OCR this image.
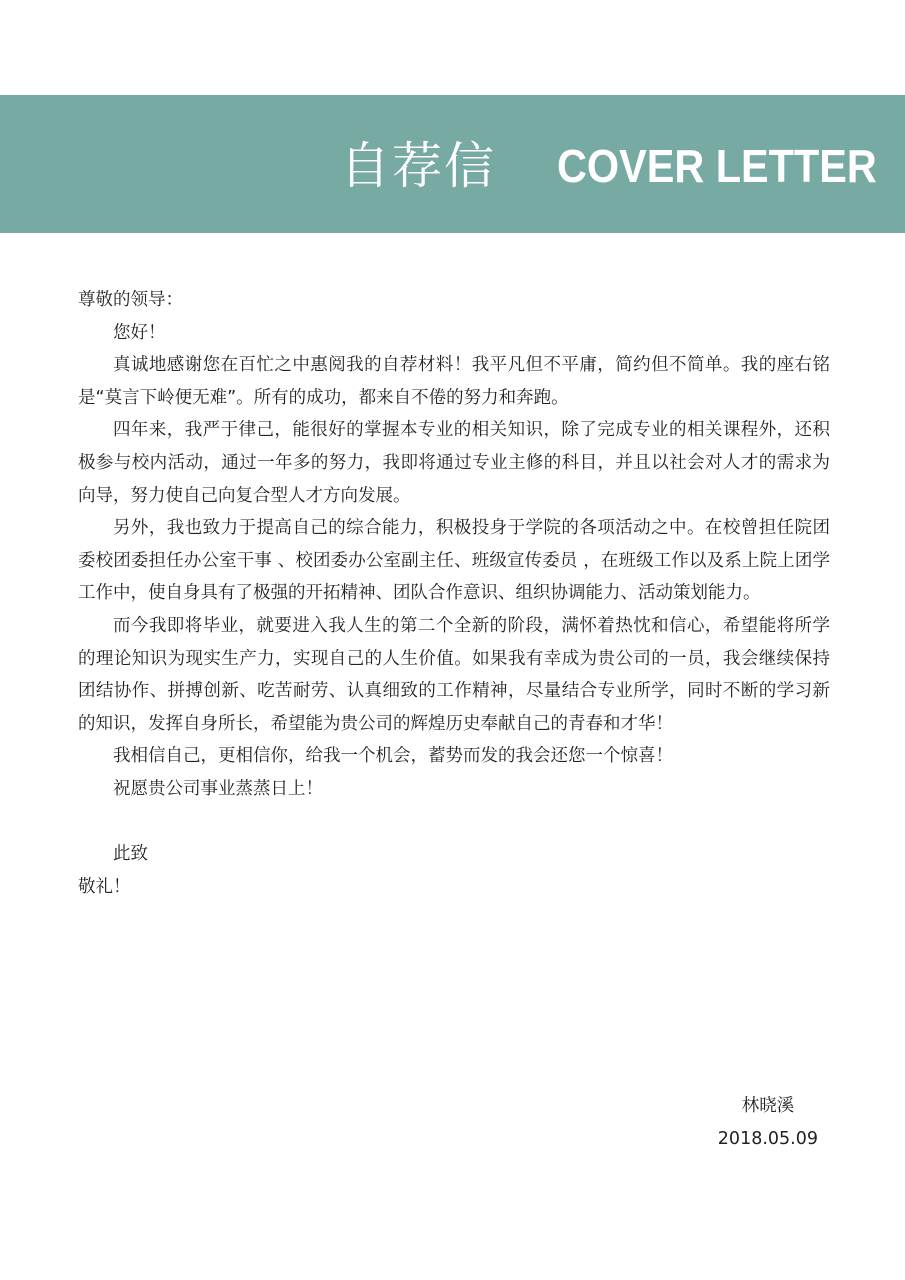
自荐信 COVER LETTER

尊敬的领导：

您好！

真诚地感谢您在百忙之中惠阅我的自荐材料！我平凡但不平庸，简约但不简单。我的座右铭是“莫言下岭便无难”。所有的成功，都来自不倦的努力和奔跑。

四年来，我严于律己，能很好的掌握本专业的相关知识，除了完成专业的相关课程外，还积极参与校内活动，通过一年多的努力，我即将通过专业主修的科目，并且以社会对人才的需求为向导，努力使自己向复合型人才方向发展。

另外，我也致力于提高自己的综合能力，积极投身于学院的各项活动之中。在校曾担任院团委校团委担任办公室干事 、校团委办公室副主任、班级宣传委员 ，在班级工作以及系上院上团学工作中，使自身具有了极强的开拓精神、团队合作意识、组织协调能力、活动策划能力。

而今我即将毕业，就要进入我人生的第二个全新的阶段，满怀着热忱和信心，希望能将所学的理论知识为现实生产力，实现自己的人生价值。如果我有幸成为贵公司的一员，我会继续保持团结协作、拼搏创新、吃苦耐劳、认真细致的工作精神，尽量结合专业所学，同时不断的学习新的知识，发挥自身所长，希望能为贵公司的辉煌历史奉献自己的青春和才华！

我相信自己，更相信你，给我一个机会，蓄势而发的我会还您一个惊喜！

祝愿贵公司事业蒸蒸日上！

此致

敬礼！

林晓溪
2018.05.09
